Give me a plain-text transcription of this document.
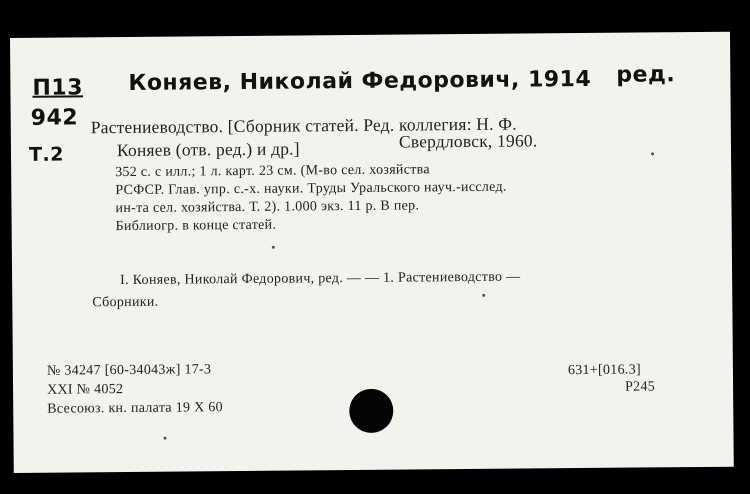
П13
942
Т.2
Коняев, Николай Федорович, 1914 ред.
Растениеводство. [Сборник статей. Ред. коллегия: Н. Ф.
Коняев (отв. ред.) и др.]	Свердловск, 1960.
352 с. с илл.; 1 л. карт. 23 см. (М-во сел. хозяйства
РСФСР. Глав. упр. с.-х. науки. Труды Уральского науч.-исслед.
ин-та сел. хозяйства. Т. 2). 1.000 экз. 11 р. В пер.
Библиогр. в конце статей.
I. Коняев, Николай Федорович, ред. — — 1. Растениеводство —
Сборники.
№ 34247 [60-34043ж] 17-3
XXI № 4052
Всесоюз. кн. палата 19 X 60
631+[016.3]
Р245
